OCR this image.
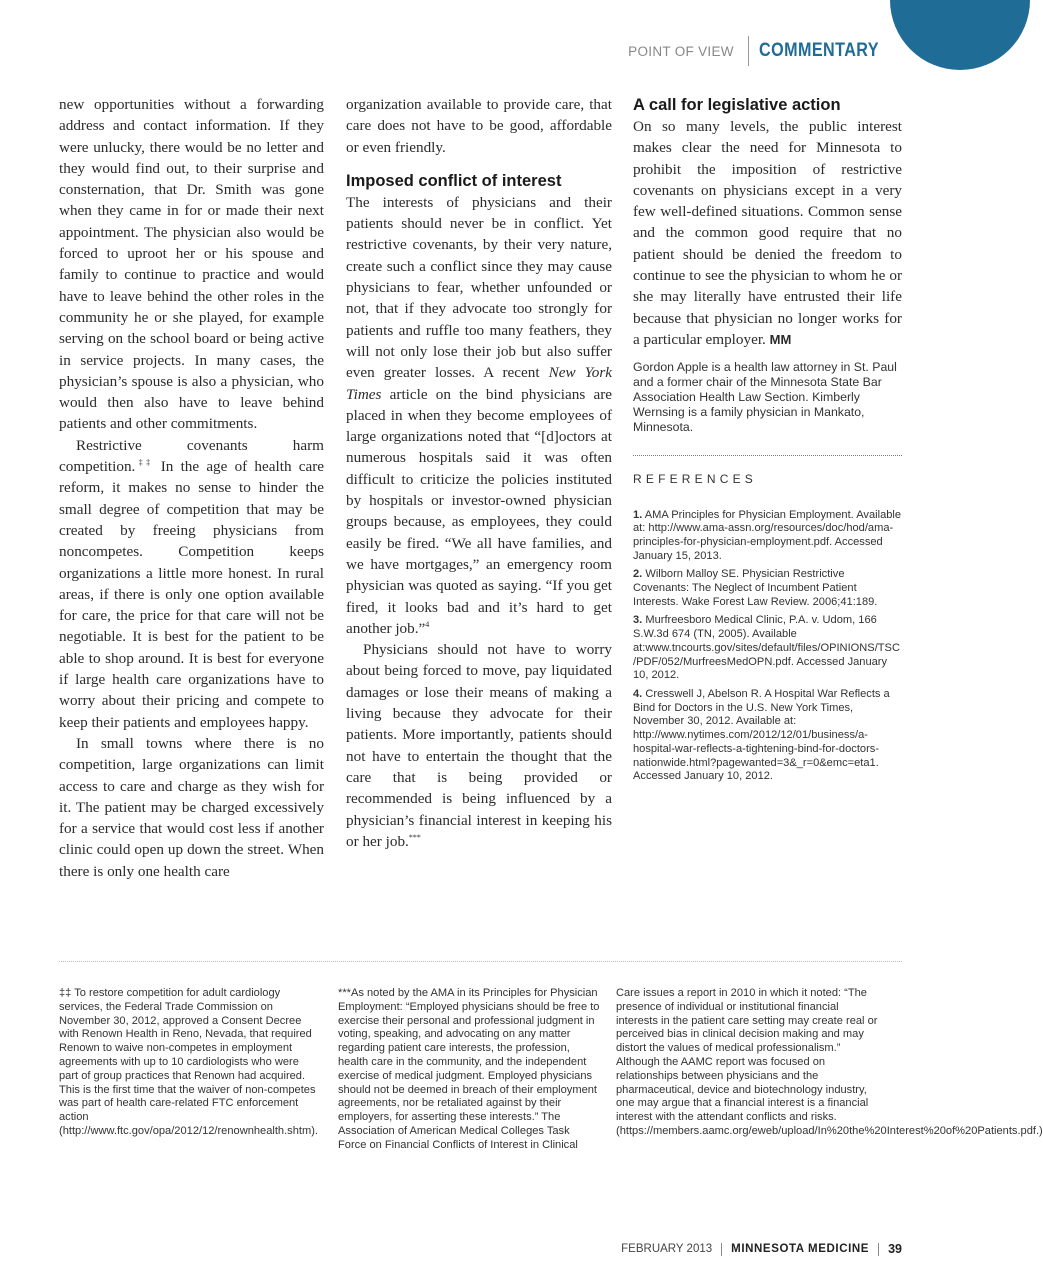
POINT OF VIEW	COMMENTARY

new opportunities without a forwarding address and contact information. If they were unlucky, there would be no letter and they would find out, to their surprise and consternation, that Dr. Smith was gone when they came in for or made their next appointment. The physician also would be forced to uproot her or his spouse and family to continue to practice and would have to leave behind the other roles in the community he or she played, for example serving on the school board or being active in service projects. In many cases, the physician’s spouse is also a physician, who would then also have to leave behind patients and other commitments.

Restrictive covenants harm competition.‡‡ In the age of health care reform, it makes no sense to hinder the small degree of competition that may be created by freeing physicians from noncompetes. Competition keeps organizations a little more honest. In rural areas, if there is only one option available for care, the price for that care will not be negotiable. It is best for the patient to be able to shop around. It is best for everyone if large health care organizations have to worry about their pricing and compete to keep their patients and employees happy.

In small towns where there is no competition, large organizations can limit access to care and charge as they wish for it. The patient may be charged excessively for a service that would cost less if another clinic could open up down the street. When there is only one health care

organization available to provide care, that care does not have to be good, affordable or even friendly.

Imposed conflict of interest

The interests of physicians and their patients should never be in conflict. Yet restrictive covenants, by their very nature, create such a conflict since they may cause physicians to fear, whether unfounded or not, that if they advocate too strongly for patients and ruffle too many feathers, they will not only lose their job but also suffer even greater losses. A recent New York Times article on the bind physicians are placed in when they become employees of large organizations noted that “[d]octors at numerous hospitals said it was often difficult to criticize the policies instituted by hospitals or investor-owned physician groups because, as employees, they could easily be fired. “We all have families, and we have mortgages,” an emergency room physician was quoted as saying. “If you get fired, it looks bad and it’s hard to get another job.”$^4$

Physicians should not have to worry about being forced to move, pay liquidated damages or lose their means of making a living because they advocate for their patients. More importantly, patients should not have to entertain the thought that the care that is being provided or recommended is being influenced by a physician’s financial interest in keeping his or her job.***

A call for legislative action

On so many levels, the public interest makes clear the need for Minnesota to prohibit the imposition of restrictive covenants on physicians except in a very few well-defined situations. Common sense and the common good require that no patient should be denied the freedom to continue to see the physician to whom he or she may literally have entrusted their life because that physician no longer works for a particular employer. MM

Gordon Apple is a health law attorney in St. Paul and a former chair of the Minnesota State Bar Association Health Law Section. Kimberly Wernsing is a family physician in Mankato, Minnesota.
REFERENCES
1. AMA Principles for Physician Employment. Available at: http://www.ama-assn.org/resources/doc/hod/ama-principles-for-physician-employment.pdf. Accessed January 15, 2013.
2. Wilborn Malloy SE. Physician Restrictive Covenants: The Neglect of Incumbent Patient Interests. Wake Forest Law Review. 2006;41:189.
3. Murfreesboro Medical Clinic, P.A. v. Udom, 166 S.W.3d 674 (TN, 2005). Available at:www.tncourts.gov/sites/default/files/OPINIONS/TSC/PDF/052/MurfreesMedOPN.pdf. Accessed January 10, 2012.
4. Cresswell J, Abelson R. A Hospital War Reflects a Bind for Doctors in the U.S. New York Times, November 30, 2012. Available at: http://www.nytimes.com/2012/12/01/business/a-hospital-war-reflects-a-tightening-bind-for-doctors-nationwide.html?pagewanted=3&_r=0&emc=eta1. Accessed January 10, 2012.
‡‡ To restore competition for adult cardiology services, the Federal Trade Commission on November 30, 2012, approved a Consent Decree with Renown Health in Reno, Nevada, that required Renown to waive non-competes in employment agreements with up to 10 cardiologists who were part of group practices that Renown had acquired. This is the first time that the waiver of non-competes was part of health care-related FTC enforcement action (http://www.ftc.gov/opa/2012/12/renownhealth.shtm).
***As noted by the AMA in its Principles for Physician Employment: “Employed physicians should be free to exercise their personal and professional judgment in voting, speaking, and advocating on any matter regarding patient care interests, the profession, health care in the community, and the independent exercise of medical judgment. Employed physicians should not be deemed in breach of their employment agreements, nor be retaliated against by their employers, for asserting these interests.” The Association of American Medical Colleges Task Force on Financial Conflicts of Interest in Clinical
Care issues a report in 2010 in which it noted: “The presence of individual or institutional financial interests in the patient care setting may create real or perceived bias in clinical decision making and may distort the values of medical professionalism.” Although the AAMC report was focused on relationships between physicians and the pharmaceutical, device and biotechnology industry, one may argue that a financial interest is a financial interest with the attendant conflicts and risks. (https://members.aamc.org/eweb/upload/In%20the%20Interest%20of%20Patients.pdf.)
FEBRUARY 2013 MINNESOTA MEDICINE 39
